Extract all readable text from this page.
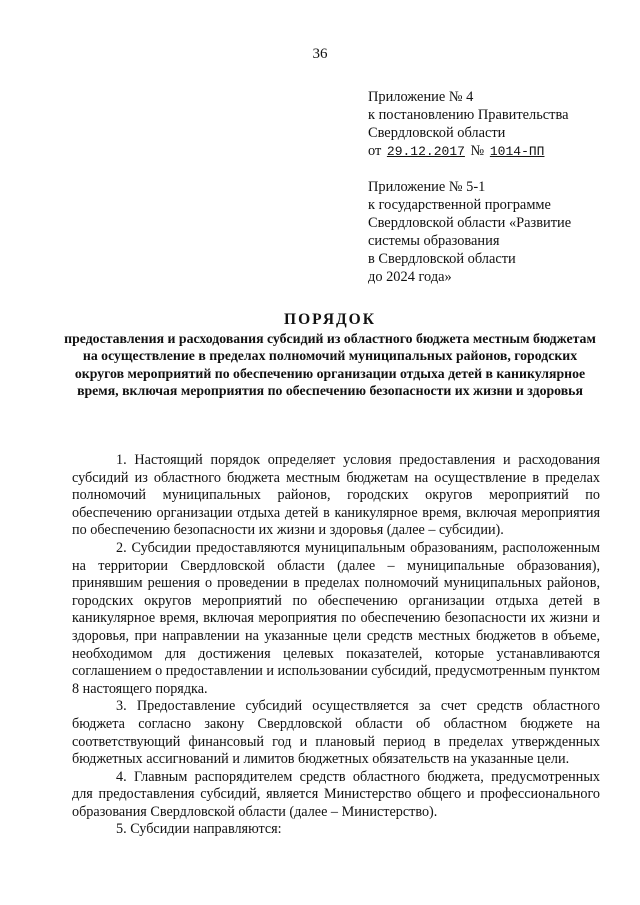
36
Приложение № 4
к постановлению Правительства
Свердловской области
от 29.12.2017 № 1014-ПП
Приложение № 5-1
к государственной программе
Свердловской области «Развитие
системы образования
в Свердловской области
до 2024 года»
ПОРЯДОК
предоставления и расходования субсидий из областного бюджета местным бюджетам на осуществление в пределах полномочий муниципальных районов, городских округов мероприятий по обеспечению организации отдыха детей в каникулярное время, включая мероприятия по обеспечению безопасности их жизни и здоровья

1. Настоящий порядок определяет условия предоставления и расходования субсидий из областного бюджета местным бюджетам на осуществление в пределах полномочий муниципальных районов, городских округов мероприятий по обеспечению организации отдыха детей в каникулярное время, включая мероприятия по обеспечению безопасности их жизни и здоровья (далее – субсидии).

2. Субсидии предоставляются муниципальным образованиям, расположенным на территории Свердловской области (далее – муниципальные образования), принявшим решения о проведении в пределах полномочий муниципальных районов, городских округов мероприятий по обеспечению организации отдыха детей в каникулярное время, включая мероприятия по обеспечению безопасности их жизни и здоровья, при направлении на указанные цели средств местных бюджетов в объеме, необходимом для достижения целевых показателей, которые устанавливаются соглашением о предоставлении и использовании субсидий, предусмотренным пунктом 8 настоящего порядка.

3. Предоставление субсидий осуществляется за счет средств областного бюджета согласно закону Свердловской области об областном бюджете на соответствующий финансовый год и плановый период в пределах утвержденных бюджетных ассигнований и лимитов бюджетных обязательств на указанные цели.

4. Главным распорядителем средств областного бюджета, предусмотренных для предоставления субсидий, является Министерство общего и профессионального образования Свердловской области (далее – Министерство).

5. Субсидии направляются:
